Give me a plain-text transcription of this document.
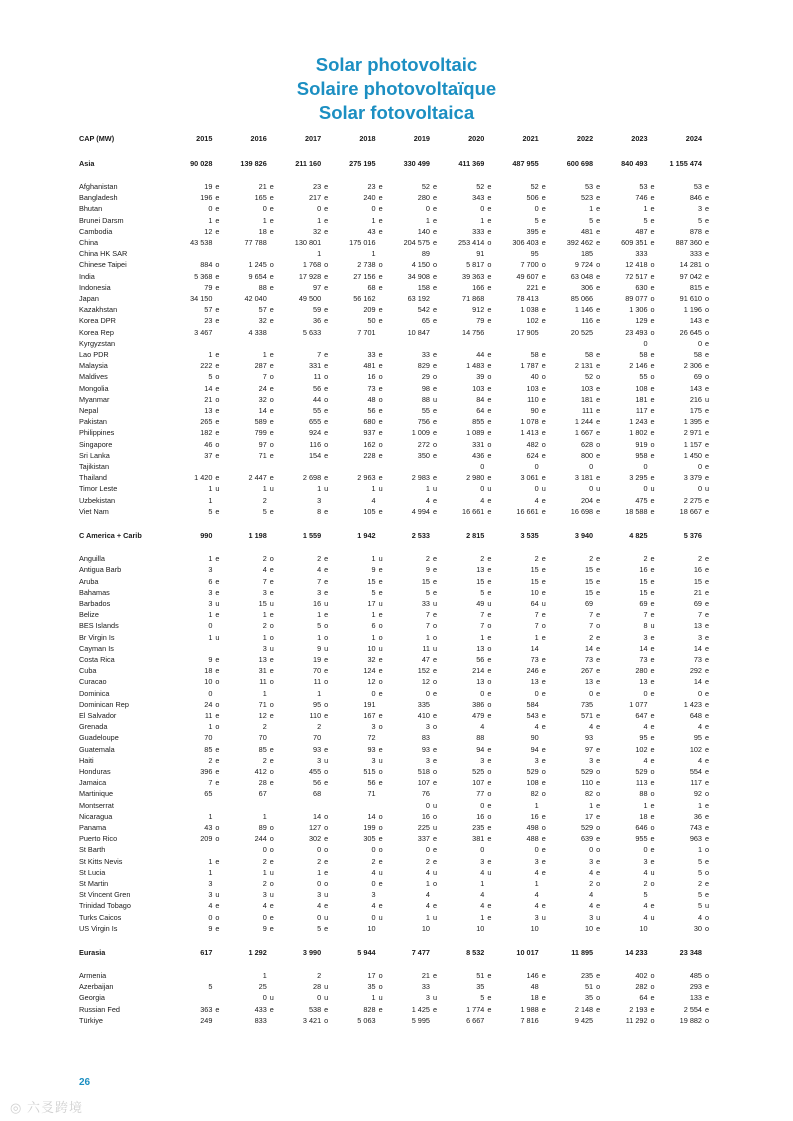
Solar photovoltaic
Solaire photovoltaïque
Solar fotovoltaica
CAP (MW)	2015	2016	2017	2018	2019	2020	2021	2022	2023	2024

Asia	90 028	139 826	211 160	275 195	330 499	411 369	487 955	600 698	840 493	1 155 474

Afghanistan	19 e	21 e	23 e	23 e	52 e	52 e	52 e	53 e	53 e	53 e
Bangladesh	196 e	165 e	217 e	240 e	280 e	343 e	506 e	523 e	746 e	846 e
Bhutan	0 e	0 e	0 e	0 e	0 e	0 e	0 e	1 e	1 e	3 e
Brunei Darsm	1 e	1 e	1 e	1 e	1 e	1 e	5 e	5 e	5 e	5 e
Cambodia	12 e	18 e	32 e	43 e	140 e	333 e	395 e	481 e	487 e	878 e
China	43 538	77 788	130 801	175 016	204 575 e	253 414 o	306 403 e	392 462 e	609 351 e	887 360 e
China HK SAR			1	1	89	91	95	185	333	333 e
Chinese Taipei	884 o	1 245 o	1 768 o	2 738 o	4 150 o	5 817 o	7 700 o	9 724 o	12 418 o	14 281 o
India	5 368 e	9 654 e	17 928 e	27 156 e	34 908 e	39 363 e	49 607 e	63 048 e	72 517 e	97 042 e
Indonesia	79 e	88 e	97 e	68 e	158 e	166 e	221 e	306 e	630 e	815 e
Japan	34 150	42 040	49 500	56 162	63 192	71 868	78 413	85 066	89 077 o	91 610 o
Kazakhstan	57 e	57 e	59 e	209 e	542 e	912 e	1 038 e	1 146 e	1 306 o	1 196 o
Korea DPR	23 e	32 e	36 e	50 e	65 e	79 e	102 e	116 e	129 e	143 e
Korea Rep	3 467	4 338	5 633	7 701	10 847	14 756	17 905	20 525	23 493 o	26 645 o
Kyrgyzstan									0	0 e
Lao PDR	1 e	1 e	7 e	33 e	33 e	44 e	58 e	58 e	58 e	58 e
Malaysia	222 e	287 e	331 e	481 e	829 e	1 483 e	1 787 e	2 131 e	2 146 e	2 306 e
Maldives	5 o	7 o	11 o	16 o	29 o	39 o	40 o	52 o	55 o	69 o
Mongolia	14 e	24 e	56 e	73 e	98 e	103 e	103 e	103 e	108 e	143 e
Myanmar	21 o	32 o	44 o	48 o	88 u	84 e	110 e	181 e	181 e	216 u
Nepal	13 e	14 e	55 e	56 e	55 e	64 e	90 e	111 e	117 e	175 e
Pakistan	265 e	589 e	655 e	680 e	756 e	855 e	1 078 e	1 244 e	1 243 e	1 395 e
Philippines	182 e	799 e	924 e	937 e	1 009 e	1 089 e	1 413 e	1 667 e	1 802 e	2 971 e
Singapore	46 o	97 o	116 o	162 o	272 o	331 o	482 o	628 o	919 o	1 157 e
Sri Lanka	37 e	71 e	154 e	228 e	350 e	436 e	624 e	800 e	958 e	1 450 e
Tajikistan						0	0	0	0	0 e
Thailand	1 420 e	2 447 e	2 698 e	2 963 e	2 983 e	2 980 e	3 061 e	3 181 e	3 295 e	3 379 e
Timor Leste	1 u	1 u	1 u	1 u	1 u	0 u	0 u	0 u	0 u	0 u
Uzbekistan	1	2	3	4	4 e	4 e	4 e	204 e	475 e	2 275 e
Viet Nam	5 e	5 e	8 e	105 e	4 994 e	16 661 e	16 661 e	16 698 e	18 588 e	18 667 e

C America + Carib	990	1 198	1 559	1 942	2 533	2 815	3 535	3 940	4 825	5 376

Anguilla	1 e	2 o	2 e	1 u	2 e	2 e	2 e	2 e	2 e	2 e
Antigua Barb	3	4 e	4 e	9 e	9 e	13 e	15 e	15 e	16 e	16 e
Aruba	6 e	7 e	7 e	15 e	15 e	15 e	15 e	15 e	15 e	15 e
Bahamas	3 e	3 e	3 e	5 e	5 e	5 e	10 e	15 e	15 e	21 e
Barbados	3 u	15 u	16 u	17 u	33 u	49 u	64 u	69	69 e	69 e
Belize	1 e	1 e	1 e	1 e	7 e	7 e	7 e	7 e	7 e	7 e
BES Islands	0	2 o	5 o	6 o	7 o	7 o	7 o	7 o	8 u	13 e
Br Virgin Is	1 u	1 o	1 o	1 o	1 o	1 e	1 e	2 e	3 e	3 e
Cayman Is		3 u	9 u	10 u	11 u	13 o	14	14 e	14 e	14 e
Costa Rica	9 e	13 e	19 e	32 e	47 e	56 e	73 e	73 e	73 e	73 e
Cuba	18 e	31 e	70 e	124 e	152 e	214 e	246 e	267 e	280 e	292 e
Curacao	10 o	11 o	11 o	12 o	12 o	13 o	13 e	13 e	13 e	14 e
Dominica	0	1	1	0 e	0 e	0 e	0 e	0 e	0 e	0 e
Dominican Rep	24 o	71 o	95 o	191	335	386 o	584	735	1 077	1 423 e
El Salvador	11 e	12 e	110 e	167 e	410 e	479 e	543 e	571 e	647 e	648 e
Grenada	1 o	2	2	3 o	3 o	4	4 e	4 e	4 e	4 e
Guadeloupe	70	70	70	72	83	88	90	93	95 e	95 e
Guatemala	85 e	85 e	93 e	93 e	93 e	94 e	94 e	97 e	102 e	102 e
Haiti	2 e	2 e	3 u	3 u	3 e	3 e	3 e	3 e	4 e	4 e
Honduras	396 e	412 o	455 o	515 o	518 o	525 o	529 o	529 o	529 o	554 e
Jamaica	7 e	28 e	56 e	56 e	107 e	107 e	108 e	110 e	113 e	117 e
Martinique	65	67	68	71	76	77 o	82 o	82 o	88 o	92 o
Montserrat					0 u	0 e	1	1 e	1 e	1 e
Nicaragua	1	1	14 o	14 o	16 o	16 o	16 e	17 e	18 e	36 e
Panama	43 o	89 o	127 o	199 o	225 u	235 e	498 o	529 o	646 o	743 e
Puerto Rico	209 o	244 o	302 e	305 e	337 e	381 e	488 e	639 e	955 e	963 e
St Barth		0 o	0 o	0 o	0 e	0	0 e	0 o	0 e	1 o
St Kitts Nevis	1 e	2 e	2 e	2 e	2 e	3 e	3 e	3 e	3 e	5 e
St Lucia	1	1 u	1 e	4 u	4 u	4 u	4 e	4 e	4 u	5 o
St Martin	3	2 o	0 o	0 e	1 o	1	1	2 o	2 o	2 e
St Vincent Gren	3 u	3 u	3 u	3	4	4	4	4	5	5 e
Trinidad Tobago	4 e	4 e	4 e	4 e	4 e	4 e	4 e	4 e	4 e	5 u
Turks Caicos	0 o	0 e	0 u	0 u	1 u	1 e	3 u	3 u	4 u	4 o
US Virgin Is	9 e	9 e	5 e	10	10	10	10	10 e	10	30 o

Eurasia	617	1 292	3 990	5 944	7 477	8 532	10 017	11 895	14 233	23 348

Armenia		1	2	17 o	21 e	51 e	146 e	235 e	402 o	485 o
Azerbaijan	5	25	28 u	35 o	33	35	48	51 o	282 o	293 e
Georgia		0 u	0 u	1 u	3 u	5 e	18 e	35 o	64 e	133 e
Russian Fed	363 e	433 e	538 e	828 e	1 425 e	1 774 e	1 988 e	2 148 e	2 193 e	2 554 e
Türkiye	249	833	3 421 o	5 063	5 995	6 667	7 816	9 425	11 292 o	19 882 o
26
◎ 六㕛跨境
